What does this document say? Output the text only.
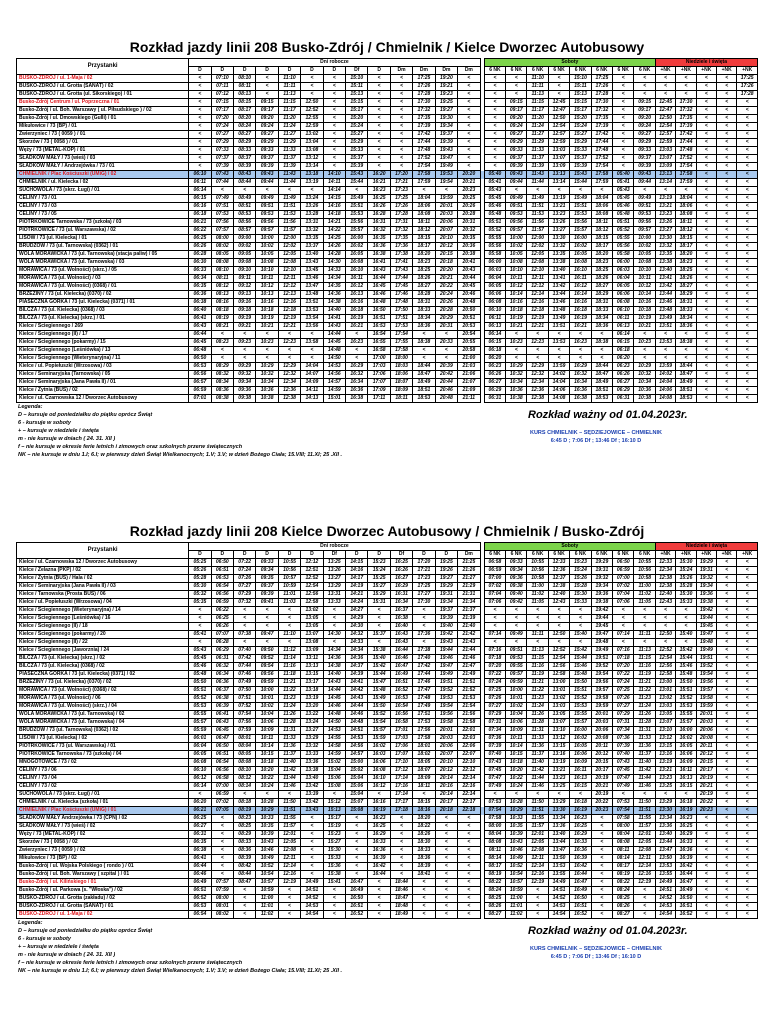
Rozkład jazdy linii 208 Busko-Zdrój / Chmielnik / Kielce Dworzec Autobusowy
Przystanki	Dni robocze														Soboty								Niedziele i święta				
	D	D	D	D	D	D	D	Df	D	Dm	Dm	Dm	Dm		6 NK	6 NK	6 NK	6 NK	6 NK	6 NK	6 NK	6 NK	+NK	+NK	+NK	+NK	+NK
BUSKO-ZDRÓJ / ul. 1-Maja / 02	<	07:10	08:10	<	11:10	<	<	15:10	<	<	17:25	19:20	<		<	<	11:10	<	15:10	17:25	<	<	<	<	<	<	17:25
BUSKO-ZDRÓJ / ul. Grotta (SANAT) / 02	<	07:11	08:11	<	11:11	<	<	15:11	<	<	17:26	19:21	<		<	<	11:11	<	15:11	17:26	<	<	<	<	<	<	17:26
BUSKO-ZDRÓJ / ul. Grotta (ul. Sikorskiego) / 01	<	07:12	08:13	<	11:13	<	<	15:13	<	<	17:28	19:23	<		<	<	11:13	<	15:13	17:28	<	<	<	<	<	<	17:28
Busko-Zdrój Centrum / ul. Poprzeczna / 01	<	07:15	08:15	09:15	11:15	12:50	<	15:15	<	<	17:30	19:25	<		<	09:15	11:15	12:45	15:15	17:30	<	09:15	12:45	17:30	<	<	<
Busko-Zdrój / ul. Boh. Warszawy ( ul. Piłsudskiego ) / 02	<	07:17	08:17	09:17	11:17	12:52	<	15:17	<	<	17:32	19:27	<		<	09:17	11:17	12:47	15:17	17:32	<	09:17	12:47	17:32	<	<	<
Busko-Zdrój / ul. Dmowskiego (Gulli) / 01	<	07:20	08:20	09:20	11:20	12:55	<	15:20	<	<	17:35	19:30	<		<	09:20	11:20	12:50	15:20	17:35	<	09:20	12:50	17:35	<	<	<
Mikułowice / 73 (BP) / 01	<	07:24	08:24	09:24	11:24	12:59	<	15:24	<	<	17:39	19:34	<		<	09:24	11:24	12:54	15:24	17:39	<	09:24	12:54	17:39	<	<	<
Zwierzyniec / 73 ( 0059 ) / 01	<	07:27	08:27	09:27	11:27	13:02	<	15:27	<	<	17:42	19:37	<		<	09:27	11:27	12:57	15:27	17:42	<	09:27	12:57	17:42	<	<	<
Skorzów / 73 ( 0058 ) / 01	<	07:29	08:29	09:29	11:29	13:04	<	15:29	<	<	17:44	19:39	<		<	09:29	11:29	12:59	15:29	17:44	<	09:29	12:59	17:44	<	<	<
Węży / 73 (METAL-KOP) / 01	<	07:33	08:33	09:33	11:33	13:08	<	15:33	<	<	17:48	19:43	<		<	09:33	11:33	13:03	15:33	17:48	<	09:33	13:03	17:48	<	<	<
SŁADKÓW MAŁY / 73 (wieś) / 03	<	07:37	08:37	09:37	11:37	13:12	<	15:37	<	<	17:52	19:47	<		<	09:37	11:37	13:07	15:37	17:52	<	09:37	13:07	17:52	<	<	<
SŁADKÓW MAŁY / Andrzejówka / 73 / 01	<	07:39	08:39	09:39	11:39	13:14	<	15:39	<	<	17:54	19:49	<		<	09:39	11:39	13:09	15:39	17:54	<	09:39	13:09	17:54	<	<	<
CHMIELNIK / Plac Kościuszki (UMiG) / 02	06:10	07:43	08:43	09:43	11:43	13:18	14:10	15:43	16:20	17:20	17:58	19:53	20:20		05:40	09:43	11:43	13:13	15:43	17:58	05:40	09:43	13:13	17:58	<	<	<
CHMIELNIK / ul. Kielecka / 02	06:11	07:44	08:44	09:44	11:44	13:19	14:11	15:44	16:21	17:21	17:59	19:54	20:21		05:41	09:44	11:44	13:14	15:44	17:59	05:41	09:44	13:14	17:59	<	<	<
SUCHOWOLA / 73 (skrz. Ługi) / 01	06:14	<	<	<	<	<	14:14	<	16:23	17:23	<	<	20:23		05:43	<	<	<	<	<	05:43	<	<	<	<	<	<
CELINY / 73 / 01	06:15	07:49	08:49	09:49	11:49	13:24	14:15	15:49	16:25	17:25	18:04	19:59	20:25		05:45	09:49	11:49	13:19	15:49	18:04	05:45	09:49	13:19	18:04	<	<	<
CELINY / 73 / 03	06:16	07:51	08:51	09:51	11:51	13:26	14:16	15:51	16:26	17:26	18:06	20:01	20:26		05:46	09:51	11:51	13:21	15:51	18:06	05:46	09:51	13:21	18:06	<	<	<
CELINY / 73 / 05	06:18	07:53	08:53	09:53	11:53	13:28	14:18	15:53	16:28	17:28	18:08	20:03	20:28		05:48	09:53	11:53	13:23	15:53	18:08	05:48	09:53	13:23	18:08	<	<	<
PIOTRKOWICE Tarnowska / 73 (szkoła) / 03	06:21	07:56	08:56	09:56	11:56	13:31	14:21	15:56	16:31	17:31	18:11	20:06	20:31		05:51	09:56	11:56	13:26	15:56	18:11	05:51	09:56	13:26	18:11	<	<	<
PIOTRKOWICE / 73 (ul. Warszawska) / 02	06:22	07:57	08:57	09:57	11:57	13:32	14:22	15:57	16:32	17:32	18:12	20:07	20:32		05:52	09:57	11:57	13:27	15:57	18:12	05:52	09:57	13:27	18:12	<	<	<
LISÓW / 73 (ul. Kielecka) / 01	06:25	08:00	09:00	10:00	12:00	13:35	14:25	16:00	16:35	17:35	18:15	20:10	20:35		05:55	10:00	12:00	13:30	16:00	18:15	05:55	10:00	13:30	18:15	<	<	<
BRUDZÓW / 73 (ul. Tarnowska) (0362) / 01	06:26	08:02	09:02	10:02	12:02	13:37	14:26	16:02	16:36	17:36	18:17	20:12	20:36		05:56	10:02	12:02	13:32	16:02	18:17	05:56	10:02	13:32	18:17	<	<	<
WOLA MORAWICKA / 73 (ul. Tarnowska) (stacja paliw) / 05	06:28	08:05	09:05	10:05	12:05	13:40	14:28	16:05	16:38	17:38	18:20	20:15	20:38		05:58	10:05	12:05	13:35	16:05	18:20	05:58	10:05	13:35	18:20	<	<	<
WOLA MORAWICKA / 73 (ul. Tarnowska) / 03	06:30	08:08	09:08	10:08	12:08	13:43	14:30	16:08	16:41	17:41	18:23	20:18	20:41		06:00	10:08	12:08	13:38	16:08	18:23	06:00	10:08	13:38	18:23	<	<	<
MORAWICA / 73 (ul. Wolności) (skrz.) / 05	06:33	08:10	09:10	10:10	12:10	13:45	14:33	16:10	16:43	17:43	18:25	20:20	20:43		06:03	10:10	12:10	13:40	16:10	18:25	06:03	10:10	13:40	18:25	<	<	<
MORAWICA / 73 (ul. Wolności) / 03	06:34	08:11	09:11	10:11	12:11	13:46	14:34	16:11	16:44	17:44	18:26	20:21	20:44		06:04	10:11	12:11	13:41	16:11	18:26	06:04	10:11	13:41	18:26	<	<	<
MORAWICA / 73 (ul. Wolności) (0368) / 01	06:35	08:12	09:12	10:12	12:12	13:47	14:35	16:12	16:45	17:45	18:27	20:22	20:45		06:05	10:12	12:12	13:42	16:12	18:27	06:05	10:12	13:42	18:27	<	<	<
BRZEZINY / 73 (ul. Kielecka) (0370) / 02	06:36	08:13	09:13	10:13	12:13	13:48	14:36	16:13	16:46	17:46	18:28	20:24	20:46		06:06	10:14	12:14	13:44	16:14	18:29	06:06	10:14	13:44	18:29	<	<	<
PIASECZNA GÓRKA / 73 (ul. Kielecka) (0371) / 01	06:38	08:16	09:16	10:16	12:16	13:51	14:38	16:16	16:48	17:48	18:31	20:26	20:48		06:08	10:16	12:16	13:46	16:16	18:31	06:08	10:16	13:46	18:31	<	<	<
BILCZA / 73 (ul. Kielecka) (0368) / 03	06:40	08:18	09:18	10:18	12:18	13:53	14:40	16:18	16:50	17:50	18:33	20:28	20:50		06:10	10:18	12:18	13:48	16:18	18:33	06:10	10:18	13:48	18:33	<	<	<
BILCZA / 73 (ul. Kielecka) (skrz.) / 01	06:41	08:19	09:19	10:19	12:19	13:54	14:41	16:19	16:51	17:51	18:34	20:29	20:51		06:11	10:19	12:19	13:49	16:19	18:34	06:11	10:19	13:49	18:34	<	<	<
Kielce / Ściegiennego / 269	06:43	08:21	09:21	10:21	12:21	13:56	14:43	16:21	16:53	17:53	18:36	20:31	20:53		06:13	10:21	12:21	13:51	16:21	18:36	06:13	10:21	13:51	18:36	<	<	<
Kielce / Ściegiennego (II) / 17	06:44	<	<	<	<	<	14:44	<	16:54	17:54	<	<	20:54		06:14	<	<	<	<	<	06:14	<	<	<	<	<	<
Kielce / Ściegiennego (pokarmy) / 15	06:45	08:23	09:23	10:23	12:23	13:58	14:45	16:23	16:55	17:55	18:38	20:33	20:55		06:15	10:23	12:23	13:53	16:23	18:38	06:15	10:23	13:53	18:38	<	<	<
Kielce / Ściegiennego (Leśniówka) / 13	06:48	<	<	<	<	<	14:48	<	16:58	17:58	<	<	20:58		06:18	<	<	<	<	<	06:18	<	<	<	<	<	<
Kielce / Ściegiennego (Wieterynaryjna) / 11	06:50	<	<	<	<	<	14:50	<	17:00	18:00	<	<	21:00		06:20	<	<	<	<	<	06:20	<	<	<	<	<	<
Kielce / ul. Popiełuszki (Wrzosowa) / 03	06:53	08:29	09:29	10:29	12:29	14:04	14:53	16:29	17:03	18:03	18:44	20:39	21:03		06:23	10:29	12:29	13:59	16:29	18:44	06:23	10:29	13:59	18:44	<	<	<
Kielce / Seminaryjska (Tarnowska) / 05	06:56	08:32	09:32	10:32	12:32	14:07	14:56	16:32	17:06	18:06	18:47	20:42	21:06		06:26	10:32	12:32	14:02	16:32	18:47	06:26	10:32	14:02	18:47	<	<	<
Kielce / Seminaryjska (Jana Pawła II) / 01	06:57	08:34	09:34	10:34	12:34	14:09	14:57	16:34	17:07	18:07	18:49	20:44	21:07		06:27	10:34	12:34	14:04	16:34	18:49	06:27	10:34	14:04	18:49	<	<	<
Kielce / Żytnia (BUS) / 02	06:59	08:36	09:36	10:36	12:36	14:11	14:59	16:36	17:09	18:09	18:51	20:46	21:09		06:29	10:36	12:36	14:06	16:36	18:51	06:29	10:36	14:06	18:51	<	<	<
Kielce / ul. Czarnowska 12 / Dworzec Autobusowy	07:01	08:38	09:38	10:38	12:38	14:13	15:01	16:38	17:11	18:11	18:53	20:48	21:11		06:31	10:38	12:38	14:08	16:38	18:53	06:31	10:38	14:08	18:53	<	<	<
Legenda:
D – kursuje od poniedziałku do piątku oprócz Świąt
6 - kursuje w soboty
+ – kursuje w niedziele i święta
m - nie kursuje w dniach ( 24. 31. XII )
f – nie kursuje w okresie ferie letnich i zimowych oraz szkolnych przerw świątecznych
NK – nie kursuje w dniu 1.I; 6.I; w pierwszy dzień Świąt Wielkanocnych; 1.V; 3.V; w dzień Bożego Ciała; 15.VIII; 11.XI; 25 .XII .
Rozkład ważny od 01.04.2023r.
KURS CHMIELNIK – SĘDZIEJOWICE – CHMIELNIK
6:45 D ; 7:06 Df ; 13:46 Df ; 16:10 D
Rozkład jazdy linii 208 Kielce Dworzec Autobusowy / Chmielnik / Busko-Zdrój
Przystanki	Dni robocze														Soboty								Niedziele i święta				
	D	D	D	D	D	D	Df	D	D	Df	D	D	Dm		6 NK	6 NK	6 NK	6 NK	6 NK	6 NK	6 NK	6 NK	+NK	+NK	+NK	+NK	+NK
Kielce / ul. Czarnowska 12 / Dworzec Autobusowy	05:25	06:50	07:22	09:33	10:55	12:12	13:25	14:15	15:23	16:25	17:20	19:25	21:25		06:58	09:33	10:55	12:33	15:23	19:29	06:50	10:55	12:33	15:30	19:29	<	<
Kielce / Żelazna (PKP) / 02	05:26	06:51	07:24	09:34	10:56	12:51	13:26	14:16	15:24	16:26	17:21	19:26	21:26		06:59	09:34	10:56	12:36	15:24	19:31	06:59	10:56	12:34	15:24	19:31	<	<
Kielce / Żytnia (BUS) / Hala / 02	05:28	06:53	07:26	09:35	10:57	12:52	13:27	14:17	15:25	16:27	17:23	19:27	21:27		07:00	09:36	10:58	12:37	15:26	19:32	07:00	10:58	12:38	15:26	19:32	<	<
Kielce / Seminaryjska (Jana Pawła II) / 03	05:30	06:54	07:27	09:37	10:59	12:54	13:29	14:19	15:27	16:29	17:25	19:29	21:29		07:02	09:38	11:00	12:38	15:28	19:34	07:02	11:00	12:38	15:28	19:34	<	<
Kielce / Tarnowska (Prosta BUS) / 06	05:32	06:56	07:29	09:39	11:01	12:56	13:31	14:21	15:29	16:31	17:27	19:31	21:31		07:04	09:40	11:02	12:40	15:30	19:36	07:04	11:02	12:40	15:30	19:36	<	<
Kielce / ul. Popiełuszki (Wrzosowa) / 04	05:35	06:59	07:32	09:41	11:03	12:58	13:33	14:24	15:31	16:34	17:30	19:34	21:34		07:06	09:42	11:05	12:43	15:33	19:38	07:06	11:05	12:43	15:33	19:38	<	<
Kielce / Ściegiennego (Wieterynaryjna) / 14	<	06:22	<	<	<	13:02	<	14:27	<	16:37	<	19:37	21:37		<	<	<	<	<	19:42	<	<	<	<	19:42	<	<
Kielce / Ściegiennego (Leśniówka) / 16	<	06:25	<	<	<	13:05	<	14:29	<	16:38	<	19:39	21:39		<	<	<	<	<	19:44	<	<	<	<	19:44	<	<
Kielce / Ściegiennego (II) / 18	<	06:26	<	<	<	13:05	<	14:30	<	16:40	<	19:40	21:40		<	<	<	<	<	19:45	<	<	<	<	19:45	<	<
Kielce / Ściegiennego (pokarmy) / 20	05:41	07:07	07:38	09:47	11:10	13:07	14:30	14:32	15:37	16:43	17:36	19:42	21:42		07:14	09:49	11:11	12:50	15:40	19:47	07:14	11:11	12:50	15:40	19:47	<	<
Kielce / Ściegiennego (II) / 22	<	06:28	<	<	<	13:08	<	14:33	<	16:43	<	19:43	21:43		<	<	<	<	<	19:48	<	<	<	<	19:48	<	<
Kielce / Ściegiennego (Jaworznia) / 24	05:43	06:29	07:40	09:50	11:12	13:09	14:34	14:34	15:38	16:44	17:38	19:44	21:44		07:16	09:51	11:13	12:52	15:42	19:49	07:16	11:13	12:52	15:42	19:49	<	<
BILCZA / 73 (ul. Kielecka) (skrz.) / 02	05:45	06:31	07:42	09:52	11:14	13:11	14:36	14:36	15:40	16:46	17:40	19:46	21:46		07:18	09:53	11:15	12:54	15:44	19:51	07:18	11:15	12:54	15:44	19:51	<	<
BILCZA / 73 (ul. Kielecka) (0368) / 02	05:46	06:32	07:44	09:54	11:16	13:13	14:38	14:37	15:42	16:47	17:42	19:47	21:47		07:20	09:55	11:16	12:56	15:46	19:52	07:20	11:16	12:56	15:46	19:52	<	<
PIASECZNA GÓRKA / 73 (ul. Kielecka) (0371) / 02	05:48	06:34	07:46	09:56	11:18	13:15	14:40	14:39	15:44	16:49	17:44	19:49	21:49		07:22	09:57	11:19	12:58	15:48	19:54	07:22	11:19	12:58	15:48	19:54	<	<
BRZEZINY / 73 (ul. Kielecka) (0370) / 02	05:50	06:36	07:49	09:59	11:21	13:17	14:43	14:41	15:47	16:51	17:46	19:51	21:51		07:24	09:59	11:21	13:00	15:50	19:56	07:24	11:21	13:00	15:50	19:56	<	<
MORAWICA / 73 (ul. Wolności) (0368) / 02	05:51	06:37	07:50	10:00	11:22	13:18	14:44	14:42	15:48	16:52	17:47	19:52	21:52		07:25	10:00	11:22	13:01	15:51	19:57	07:25	11:22	13:01	15:51	19:57	<	<
MORAWICA / 73 (ul. Wolności) / 06	05:52	06:38	07:51	10:01	11:23	13:19	14:45	14:43	15:49	16:53	17:48	19:53	21:53		07:26	10:01	11:23	13:02	15:52	19:58	07:26	11:23	13:02	15:52	19:58	<	<
MORAWICA / 73 (ul. Wolności) (skrz.) / 04	05:53	06:39	07:52	10:02	11:24	13:20	14:46	14:44	15:50	16:54	17:49	19:54	21:54		07:27	10:02	11:24	13:03	15:53	19:59	07:27	11:24	13:03	15:53	19:59	<	<
WOLA MORAWICKA / 73 (ul. Tarnowska) / 02	05:55	06:41	07:54	10:04	11:26	13:22	14:48	14:46	15:52	16:56	17:51	19:56	21:56		07:29	10:04	11:26	13:05	15:55	20:01	07:29	11:26	13:05	15:55	20:01	<	<
WOLA MORAWICKA / 73 (ul. Tarnowska) / 04	05:57	06:43	07:56	10:06	11:28	13:24	14:50	14:48	15:54	16:58	17:53	19:58	21:58		07:31	10:06	11:28	13:07	15:57	20:03	07:31	11:28	13:07	15:57	20:03	<	<
BRUDZÓW / 73 (ul. Tarnowska) (0362) / 02	05:59	06:45	07:59	10:09	11:31	13:27	14:53	14:51	15:57	17:01	17:56	20:01	22:01		07:34	10:09	11:31	13:10	16:00	20:06	07:34	11:31	13:10	16:00	20:06	<	<
LISÓW / 73 (ul. Kielecka) / 02	06:01	06:47	08:01	10:11	11:33	13:29	14:55	14:53	15:59	17:03	17:58	20:03	22:03		07:36	10:11	11:33	13:12	16:02	20:08	07:36	11:33	13:12	16:02	20:08	<	<
PIOTRKOWICE / 73 (ul. Warszawska) / 01	06:04	06:50	08:04	10:14	11:36	13:32	14:58	14:56	16:02	17:06	18:01	20:06	22:06		07:39	10:14	11:36	13:15	16:05	20:11	07:39	11:36	13:15	16:05	20:11	<	<
PIOTRKOWICE Tarnowska / 73 (szkoła) / 04	06:05	06:51	08:05	10:15	11:37	13:33	14:59	14:57	16:03	17:07	18:02	20:07	22:07		07:40	10:15	11:37	13:16	16:06	20:12	07:40	11:37	13:16	16:06	20:12	<	<
MNOGOTÓWCE / 73 / 02	06:08	06:54	08:08	10:18	11:40	13:36	15:02	15:00	16:06	17:10	18:05	20:10	22:10		07:43	10:18	11:40	13:19	16:09	20:15	07:43	11:40	13:19	16:09	20:15	<	<
CELINY / 73 / 06	06:10	06:56	08:10	10:20	11:42	13:38	15:04	15:02	16:08	17:12	18:07	20:12	22:12		07:45	10:20	11:42	13:21	16:11	20:17	07:45	11:42	13:21	16:11	20:17	<	<
CELINY / 73 / 04	06:12	06:58	08:12	10:22	11:44	13:40	15:06	15:04	16:10	17:14	18:09	20:14	22:14		07:47	10:22	11:44	13:23	16:13	20:19	07:47	11:44	13:23	16:13	20:19	<	<
CELINY / 73 / 02	06:14	07:00	08:14	10:24	11:46	13:42	15:08	15:06	16:12	17:16	18:11	20:16	22:16		07:49	10:24	11:46	13:25	16:15	20:21	07:49	11:46	13:25	16:15	20:21	<	<
SUCHOWOLA / 73 (skrz. Ługi) / 01	<	06:59	<	<	<	13:39	<	15:04	<	17:14	<	20:14	22:14		<	<	<	<	<	20:19	<	<	<	<	20:19	<	<
CHMIELNIK / ul. Kielecka (szkoła) / 01	06:20	07:02	08:18	10:28	11:50	13:42	15:12	15:07	16:16	17:17	18:15	20:17	22:17		07:53	10:28	11:50	13:29	16:18	20:22	07:53	11:50	13:29	16:18	20:22	<	<
CHMIELNIK / Plac Kościuszki (UMiG) / 01	06:21	07:05	08:19	10:29	11:51	13:43	15:13	15:08	16:19	17:18	18:16	20:18	22:18		07:54	10:29	11:51	13:30	16:19	20:23	07:54	11:51	13:30	16:19	20:23	<	<
SŁADKÓW MAŁY Andrzejówka / 73 (CPN) / 02	06:25	<	08:23	10:33	11:55	<	15:17	<	16:23	<	18:20	<	<		07:58	10:33	11:55	13:34	16:23	<	07:58	11:55	13:34	16:23	<	<	<
SŁADKÓW MAŁY / 73 (wieś) / 02	06:27	<	08:25	10:35	11:57	<	15:19	<	16:25	<	18:22	<	<		08:00	10:35	11:57	13:36	16:25	<	08:00	11:57	13:36	16:25	<	<	<
Węży / 73 (METAL-KOP) / 02	06:31	<	08:29	10:39	12:01	<	15:23	<	16:29	<	18:26	<	<		08:04	10:39	12:01	13:40	16:29	<	08:04	12:01	13:40	16:29	<	<	<
Skorzów / 73 ( 0058 ) / 02	06:35	<	08:33	10:43	12:05	<	15:27	<	16:33	<	18:30	<	<		08:08	10:43	12:05	13:44	16:33	<	08:08	12:05	13:44	16:33	<	<	<
Zwierzyniec / 73 ( 0059 ) / 02	06:38	<	08:36	10:46	12:08	<	15:30	<	16:36	<	18:33	<	<		08:11	10:46	12:08	13:47	16:36	<	08:11	12:08	13:47	16:36	<	<	<
Mikułowice / 73 (BP) / 02	06:41	<	08:39	10:49	12:11	<	15:33	<	16:39	<	18:36	<	<		08:14	10:49	12:11	13:50	16:39	<	08:14	12:11	13:50	16:39	<	<	<
Busko-Zdrój / ul. Wojska Polskiego ( rondo ) / 01	06:44	<	08:42	10:52	12:14	<	15:36	<	16:42	<	18:39	<	<		08:17	10:52	12:14	13:53	16:42	<	08:17	12:14	13:53	16:42	<	<	<
Busko-Zdrój / ul. Boh. Warszawy ( szpital ) / 01	06:46	<	08:44	10:54	12:16	<	15:38	<	16:44	<	18:41	<	<		08:19	10:54	12:16	13:55	16:44	<	08:19	12:16	13:55	16:44	<	<	<
Busko-Zdrój / ul. Kilińskiego / 01	06:49	07:57	08:47	10:57	12:19	14:49	15:41	16:47	<	18:44	<	<	<		08:22	10:57	12:19	14:49	16:47	<	08:22	12:19	14:49	16:47	<	<	<
Busko-Zdrój / ul. Parkowa (s. "Włoska") / 02	06:51	07:59	<	10:59	<	14:51	<	16:49	<	18:46	<	<	<		08:24	10:59	<	14:51	16:49	<	08:24	<	14:51	16:49	<	<	<
BUSKO-ZDRÓJ / ul. Grotta (zakładu) / 02	06:52	08:00	<	11:00	<	14:52	<	16:50	<	18:47	<	<	<		08:25	11:00	<	14:52	16:50	<	08:25	<	14:52	16:50	<	<	<
BUSKO-ZDRÓJ / ul. Grotta (SANAT) / 01	06:53	08:01	<	11:01	<	14:53	<	16:51	<	18:48	<	<	<		08:26	11:01	<	14:53	16:51	<	08:26	<	14:53	16:51	<	<	<
BUSKO-ZDRÓJ / ul. 1-Maja / 02	06:54	08:02	<	11:02	<	14:54	<	16:52	<	18:49	<	<	<		08:27	11:02	<	14:54	16:52	<	08:27	<	14:54	16:52	<	<	<
Legenda:
D – kursuje od poniedziałku do piątku oprócz Świąt
6 - kursuje w soboty
+ – kursuje w niedziele i święta
m - nie kursuje w dniach ( 24. 31. XII )
f – nie kursuje w okresie ferie letnich i zimowych oraz szkolnych przerw świątecznych
NK – nie kursuje w dniu 1.I; 6.I; w pierwszy dzień Świąt Wielkanocnych; 1.V; 3.V; w dzień Bożego Ciała; 15.VIII; 11.XI; 25 .XII .
Rozkład ważny od 01.04.2023r.
KURS CHMIELNIK – SĘDZIEJOWICE – CHMIELNIK
6:45 D ; 7:06 Df ; 13:46 Df ; 16:10 D
